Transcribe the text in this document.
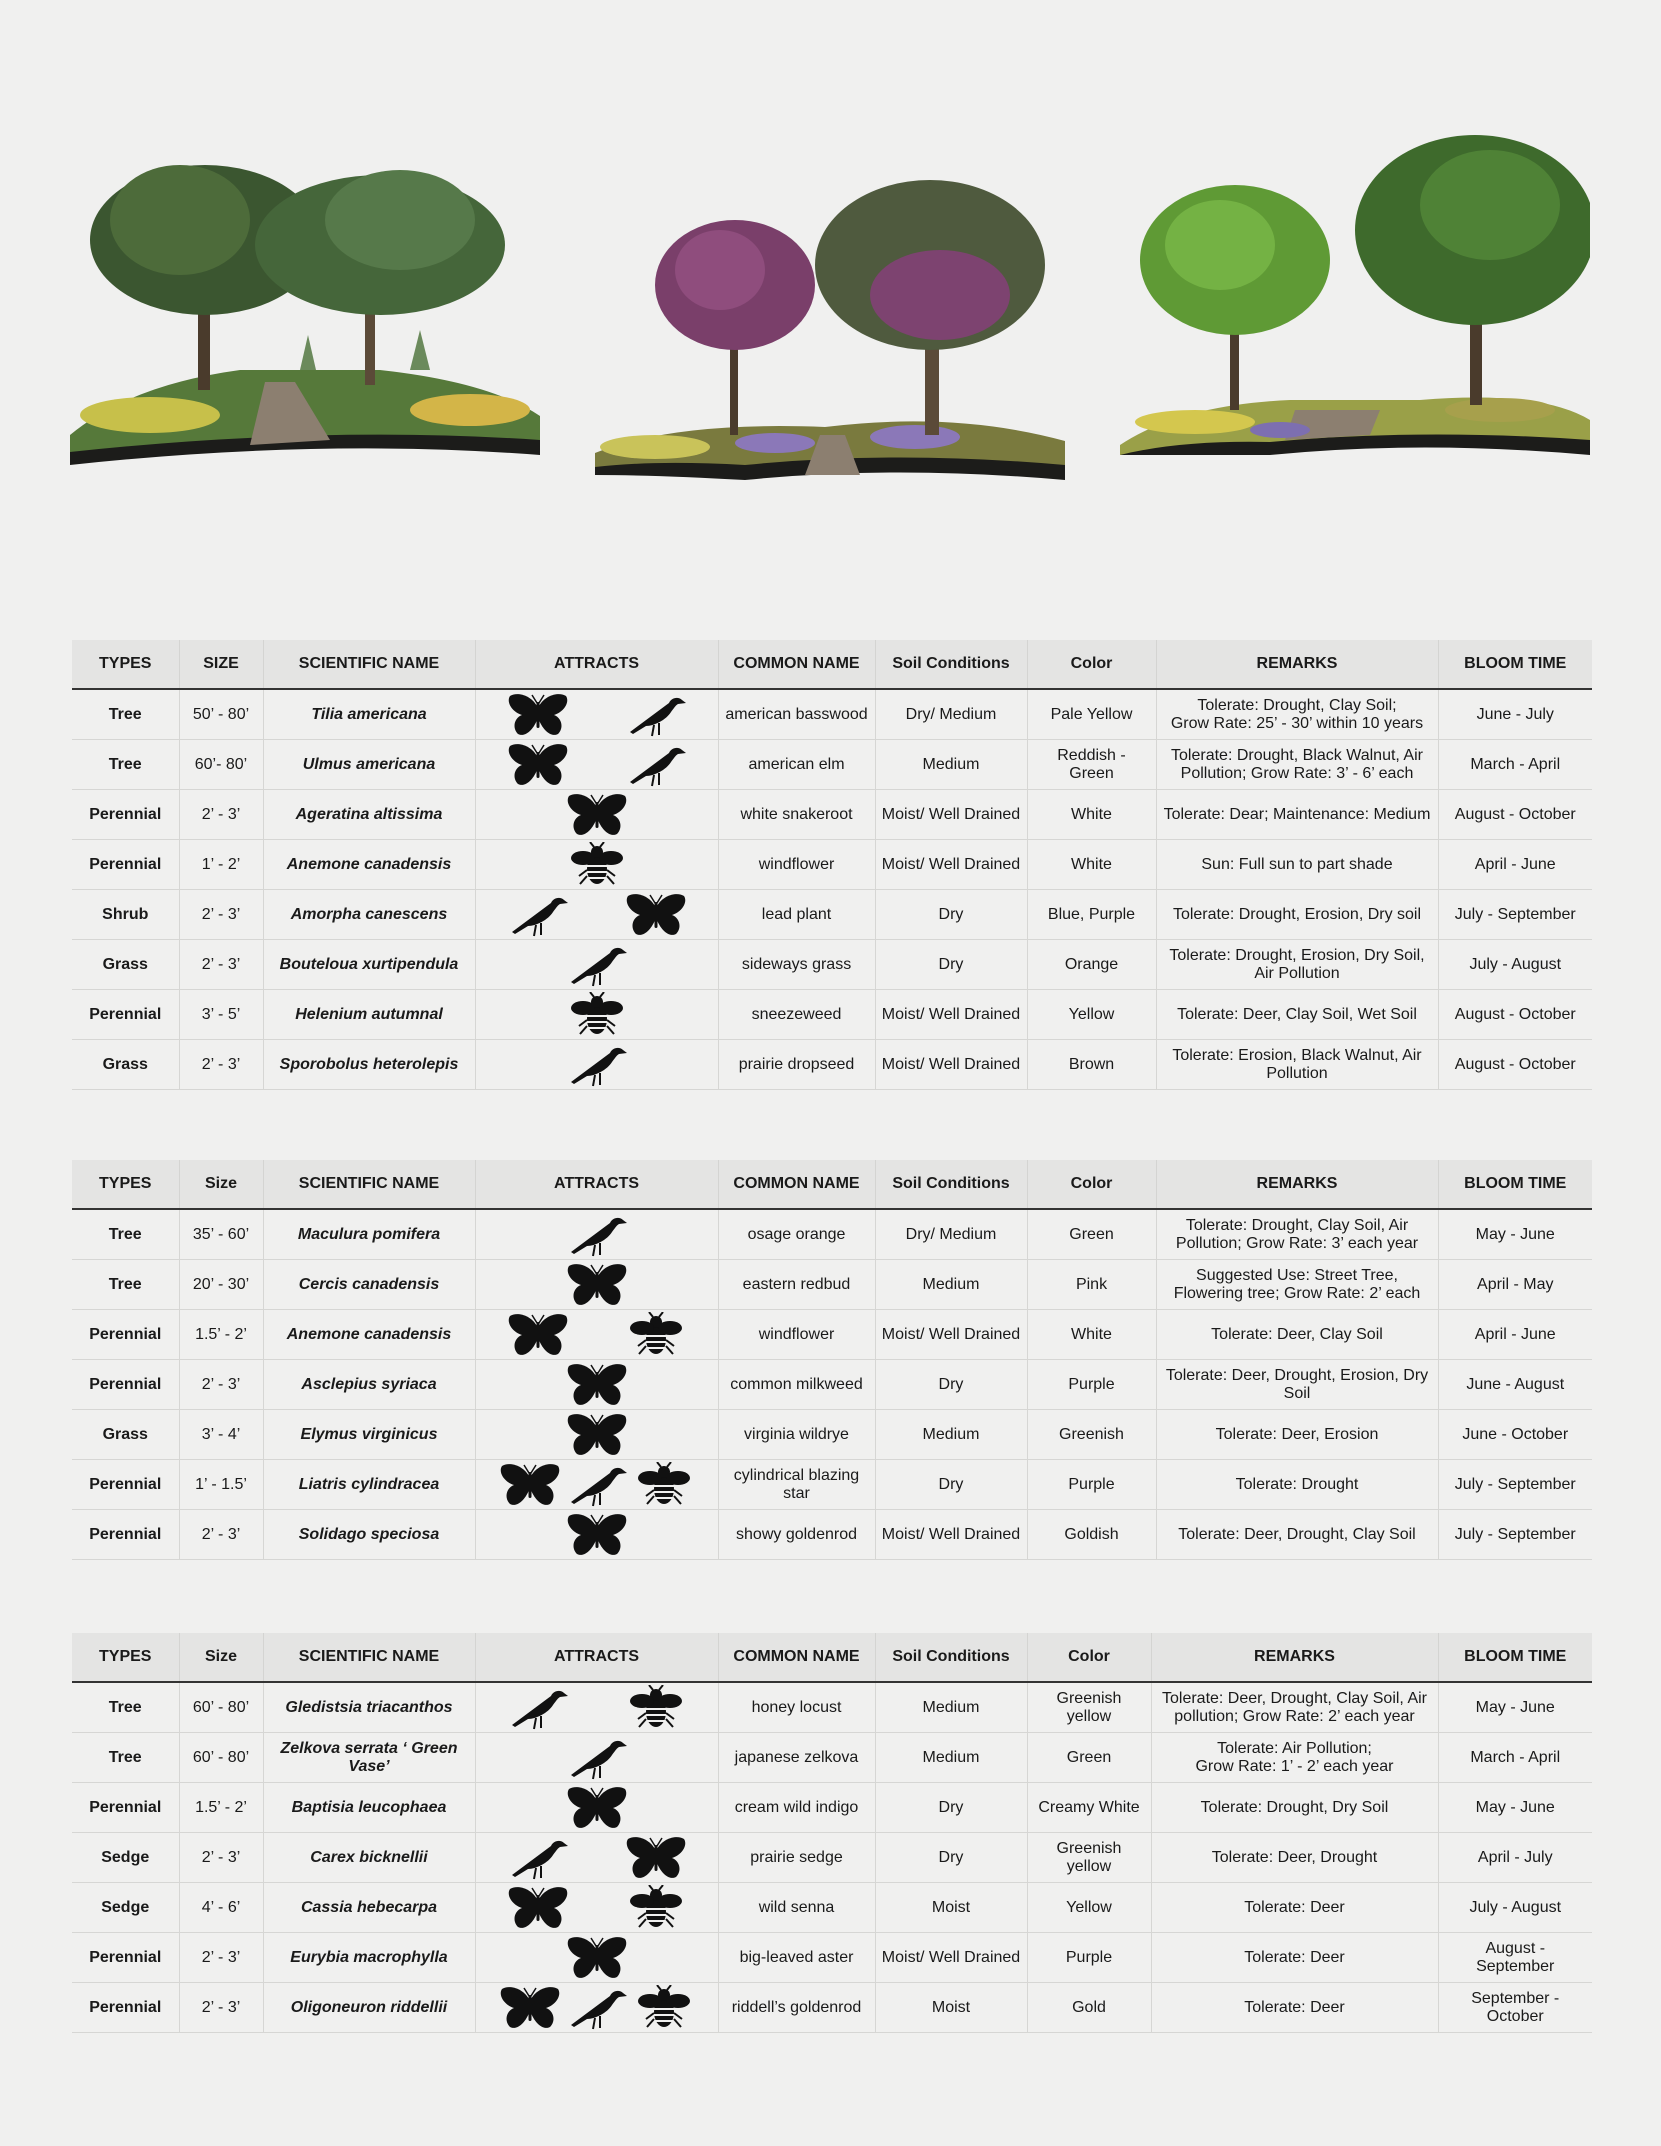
TYPES	SIZE	SCIENTIFIC NAME	ATTRACTS	COMMON NAME	Soil Conditions	Color	REMARKS	BLOOM TIME
Tree	50’ - 80’	Tilia americana		american basswood	Dry/ Medium	Pale Yellow	Tolerate: Drought, Clay Soil;
Grow Rate: 25’ - 30’ within 10 years	June - July
Tree	60’- 80’	Ulmus americana		american elm	Medium	Reddish - Green	Tolerate: Drought, Black Walnut, Air
Pollution; Grow Rate: 3’ - 6’ each	March - April
Perennial	2’ - 3’	Ageratina altissima		white snakeroot	Moist/ Well Drained	White	Tolerate: Dear; Maintenance: Medium	August - October
Perennial	1’ - 2’	Anemone canadensis		windflower	Moist/ Well Drained	White	Sun: Full sun to part shade	April - June
Shrub	2’ - 3’	Amorpha canescens		lead plant	Dry	Blue, Purple	Tolerate: Drought, Erosion, Dry soil	July - September
Grass	2’ - 3’	Bouteloua xurtipendula		sideways grass	Dry	Orange	Tolerate: Drought, Erosion, Dry Soil,
Air Pollution	July - August
Perennial	3’ - 5’	Helenium autumnal		sneezeweed	Moist/ Well Drained	Yellow	Tolerate: Deer, Clay Soil, Wet Soil	August - October
Grass	2’ - 3’	Sporobolus heterolepis		prairie dropseed	Moist/ Well Drained	Brown	Tolerate: Erosion, Black Walnut, Air
Pollution	August - October
TYPES	Size	SCIENTIFIC NAME	ATTRACTS	COMMON NAME	Soil Conditions	Color	REMARKS	BLOOM TIME
Tree	35’ - 60’	Maculura pomifera		osage orange	Dry/ Medium	Green	Tolerate: Drought, Clay Soil, Air
Pollution; Grow Rate: 3’ each year	May - June
Tree	20’ - 30’	Cercis canadensis		eastern redbud	Medium	Pink	Suggested Use: Street Tree,
Flowering tree; Grow Rate: 2’ each	April - May
Perennial	1.5’ - 2’	Anemone canadensis		windflower	Moist/ Well Drained	White	Tolerate: Deer, Clay Soil	April - June
Perennial	2’ - 3’	Asclepius syriaca		common milkweed	Dry	Purple	Tolerate: Deer, Drought, Erosion, Dry
Soil	June - August
Grass	3’ - 4’	Elymus virginicus		virginia wildrye	Medium	Greenish	Tolerate: Deer, Erosion	June - October
Perennial	1’ - 1.5’	Liatris cylindracea		cylindrical blazing star	Dry	Purple	Tolerate: Drought	July - September
Perennial	2’ - 3’	Solidago speciosa		showy goldenrod	Moist/ Well Drained	Goldish	Tolerate: Deer, Drought, Clay Soil	July - September
TYPES	Size	SCIENTIFIC NAME	ATTRACTS	COMMON NAME	Soil Conditions	Color	REMARKS	BLOOM TIME
Tree	60’ - 80’	Gledistsia triacanthos		honey locust	Medium	Greenish yellow	Tolerate: Deer, Drought, Clay Soil, Air
pollution; Grow Rate: 2’ each year	May - June
Tree	60’ - 80’	Zelkova serrata ‘ Green Vase’		japanese zelkova	Medium	Green	Tolerate: Air Pollution;
Grow Rate: 1’ - 2’ each year	March - April
Perennial	1.5’ - 2’	Baptisia leucophaea		cream wild indigo	Dry	Creamy White	Tolerate: Drought, Dry Soil	May - June
Sedge	2’ - 3’	Carex bicknellii		prairie sedge	Dry	Greenish yellow	Tolerate: Deer, Drought	April - July
Sedge	4’ - 6’	Cassia hebecarpa		wild senna	Moist	Yellow	Tolerate: Deer	July - August
Perennial	2’ - 3’	Eurybia macrophylla		big-leaved aster	Moist/ Well Drained	Purple	Tolerate: Deer	August - September
Perennial	2’ - 3’	Oligoneuron riddellii		riddell’s goldenrod	Moist	Gold	Tolerate: Deer	September - October
